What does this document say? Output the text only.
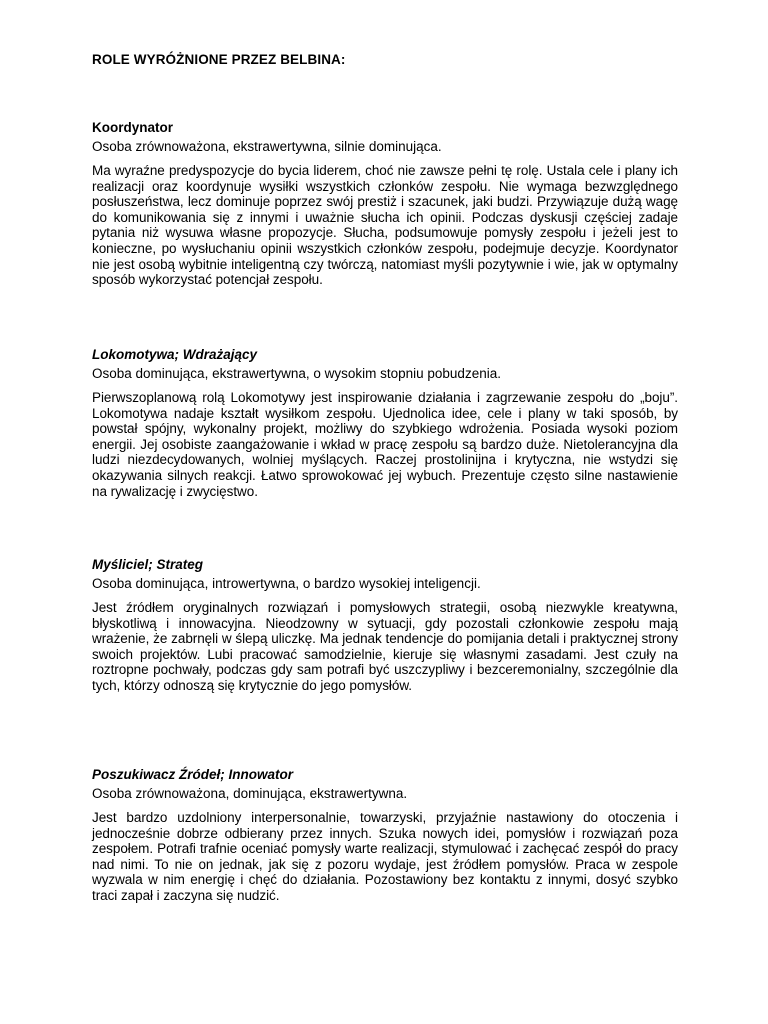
ROLE WYRÓŻNIONE PRZEZ BELBINA:

Koordynator

Osoba zrównoważona, ekstrawertywna, silnie dominująca.

Ma wyraźne predyspozycje do bycia liderem, choć nie zawsze pełni tę rolę. Ustala cele i plany ich realizacji oraz koordynuje wysiłki wszystkich członków zespołu. Nie wymaga bezwzględnego posłuszeństwa, lecz dominuje poprzez swój prestiż i szacunek, jaki budzi. Przywiązuje dużą wagę do komunikowania się z innymi i uważnie słucha ich opinii. Podczas dyskusji częściej zadaje pytania niż wysuwa własne propozycje. Słucha, podsumowuje pomysły zespołu i jeżeli jest to konieczne, po wysłuchaniu opinii wszystkich członków zespołu, podejmuje decyzje. Koordynator nie jest osobą wybitnie inteligentną czy twórczą, natomiast myśli pozytywnie i wie, jak w optymalny sposób wykorzystać potencjał zespołu.

Lokomotywa; Wdrażający

Osoba dominująca, ekstrawertywna, o wysokim stopniu pobudzenia.

Pierwszoplanową rolą Lokomotywy jest inspirowanie działania i zagrzewanie zespołu do „boju”. Lokomotywa nadaje kształt wysiłkom zespołu. Ujednolica idee, cele i plany w taki sposób, by powstał spójny, wykonalny projekt, możliwy do szybkiego wdrożenia. Posiada wysoki poziom energii. Jej osobiste zaangażowanie i wkład w pracę zespołu są bardzo duże. Nietolerancyjna dla ludzi niezdecydowanych, wolniej myślących. Raczej prostolinijna i krytyczna, nie wstydzi się okazywania silnych reakcji. Łatwo sprowokować jej wybuch. Prezentuje często silne nastawienie na rywalizację i zwycięstwo.

Myśliciel; Strateg

Osoba dominująca, introwertywna, o bardzo wysokiej inteligencji.

Jest źródłem oryginalnych rozwiązań i pomysłowych strategii, osobą niezwykle kreatywna, błyskotliwą i innowacyjna. Nieodzowny w sytuacji, gdy pozostali członkowie zespołu mają wrażenie, że zabrnęli w ślepą uliczkę. Ma jednak tendencje do pomijania detali i praktycznej strony swoich projektów. Lubi pracować samodzielnie, kieruje się własnymi zasadami. Jest czuły na roztropne pochwały, podczas gdy sam potrafi być uszczypliwy i bezceremonialny, szczególnie dla tych, którzy odnoszą się krytycznie do jego pomysłów.

Poszukiwacz Źródeł; Innowator

Osoba zrównoważona, dominująca, ekstrawertywna.

Jest bardzo uzdolniony interpersonalnie, towarzyski, przyjaźnie nastawiony do otoczenia i jednocześnie dobrze odbierany przez innych. Szuka nowych idei, pomysłów i rozwiązań poza zespołem. Potrafi trafnie oceniać pomysły warte realizacji, stymulować i zachęcać zespół do pracy nad nimi. To nie on jednak, jak się z pozoru wydaje, jest źródłem pomysłów. Praca w zespole wyzwala w nim energię i chęć do działania. Pozostawiony bez kontaktu z innymi, dosyć szybko traci zapał i zaczyna się nudzić.
